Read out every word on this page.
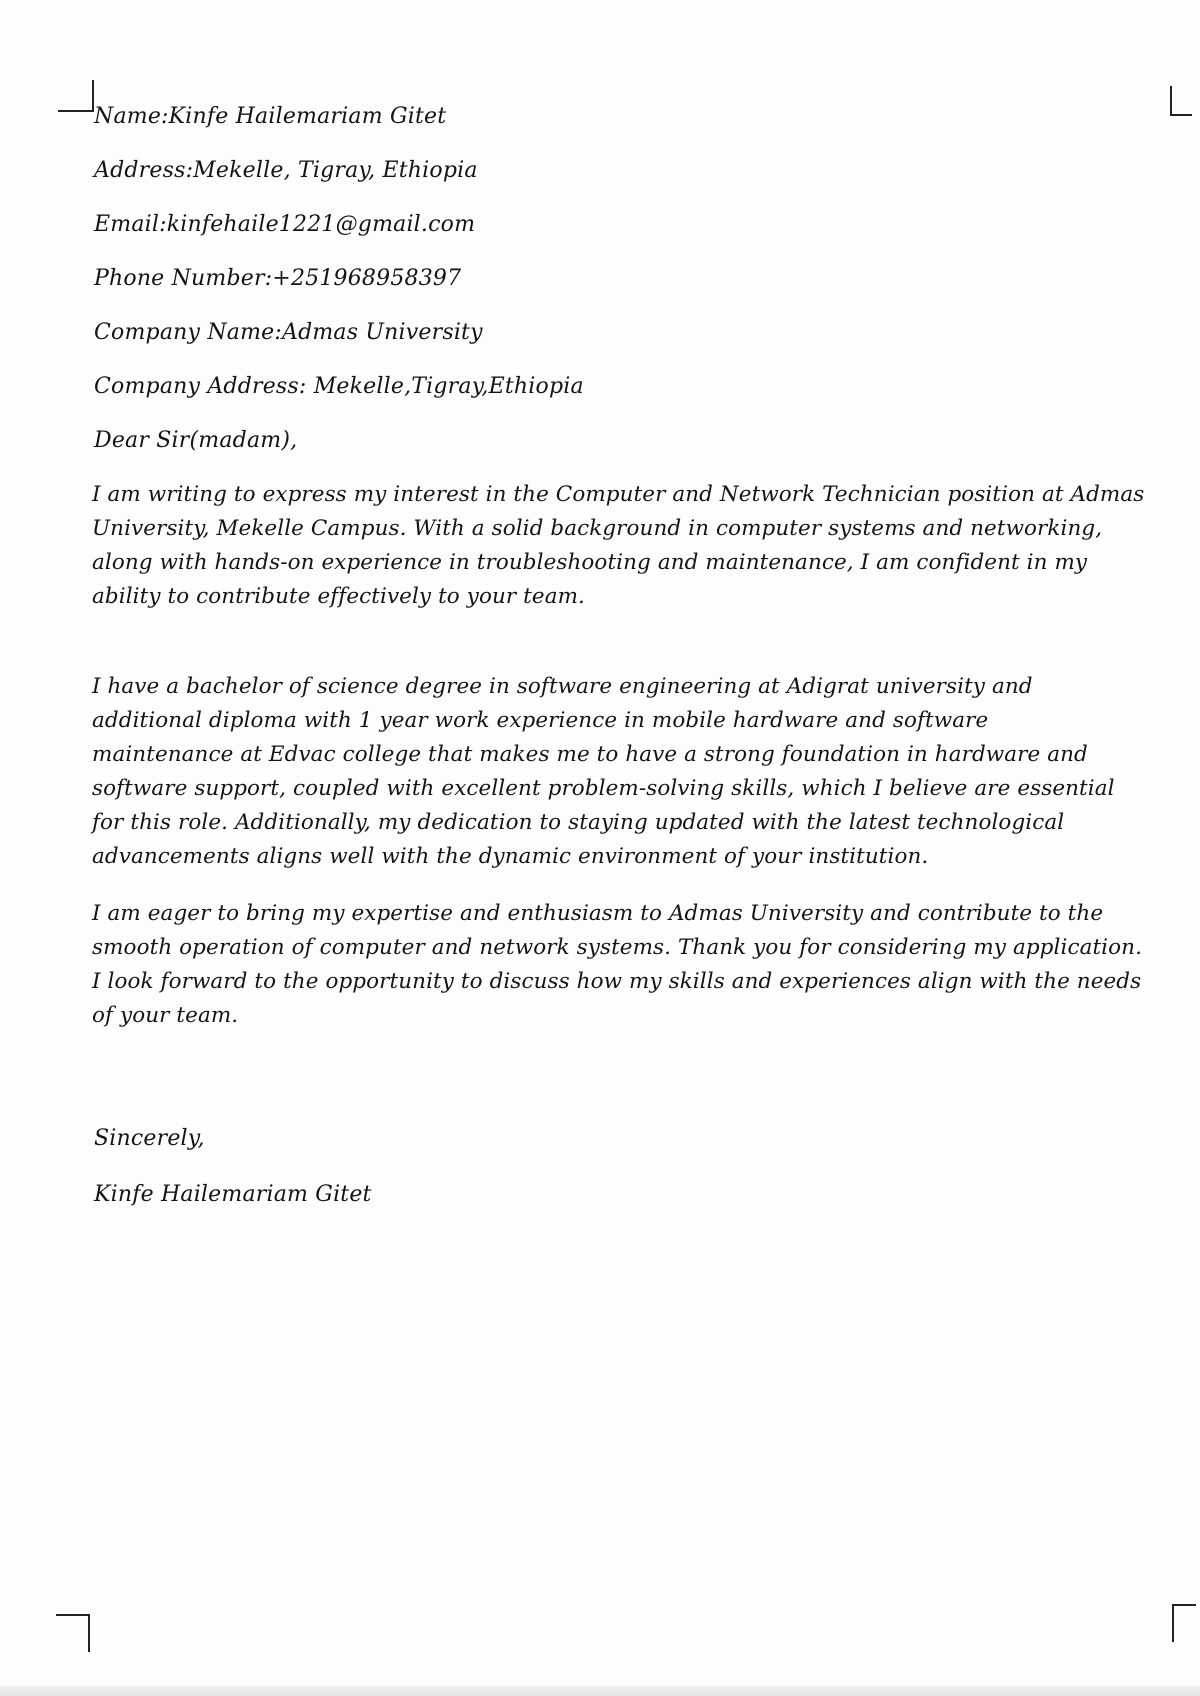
Name:Kinfe Hailemariam Gitet
Address:Mekelle, Tigray, Ethiopia
Email:kinfehaile1221@gmail.com
Phone Number:+251968958397
Company Name:Admas University
Company Address: Mekelle,Tigray,Ethiopia
Dear Sir(madam),

I am writing to express my interest in the Computer and Network Technician position at Admas

University, Mekelle Campus. With a solid background in computer systems and networking,

along with hands-on experience in troubleshooting and maintenance, I am confident in my

ability to contribute effectively to your team.

I have a bachelor of science degree in software engineering at Adigrat university and

additional diploma with 1 year work experience in mobile hardware and software

maintenance at Edvac college that makes me to have a strong foundation in hardware and

software support, coupled with excellent problem-solving skills, which I believe are essential

for this role. Additionally, my dedication to staying updated with the latest technological

advancements aligns well with the dynamic environment of your institution.

I am eager to bring my expertise and enthusiasm to Admas University and contribute to the

smooth operation of computer and network systems. Thank you for considering my application.

I look forward to the opportunity to discuss how my skills and experiences align with the needs

of your team.

Sincerely,
Kinfe Hailemariam Gitet
